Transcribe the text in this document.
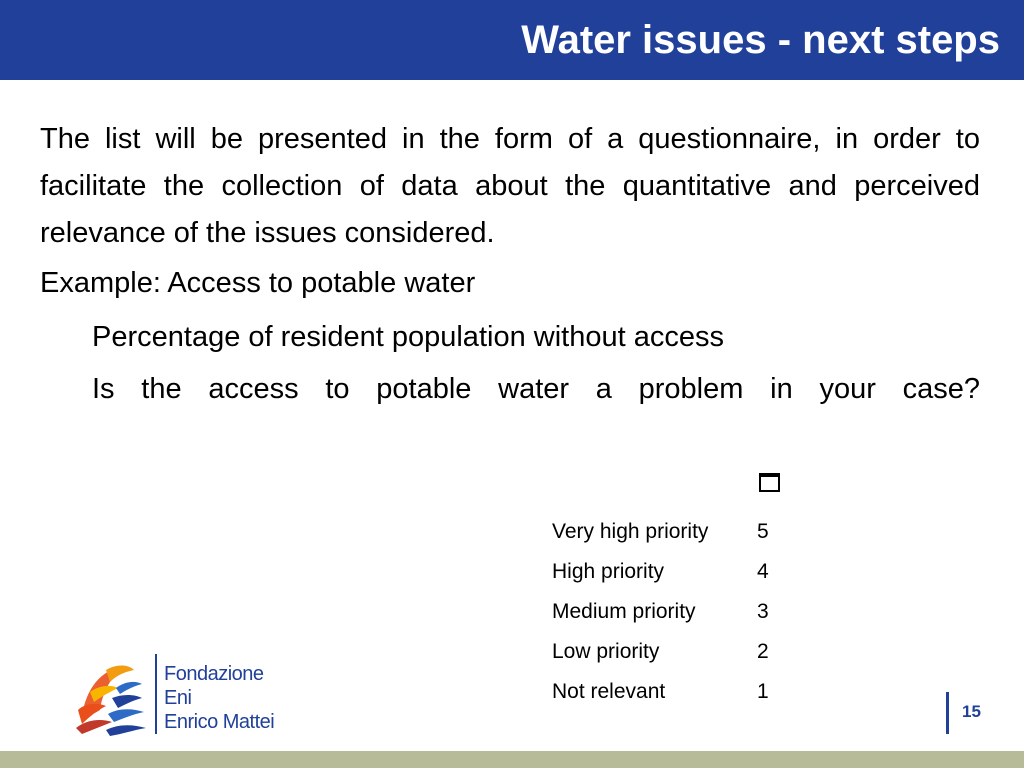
Water issues - next steps

The list will be presented in the form of a questionnaire, in order to facilitate the collection of data about the quantitative and perceived relevance of the issues considered.

Example: Access to potable water

Percentage of resident population without access

Is the access to potable water a problem in your case?

Very high priority 5
High priority	4
Medium priority	3
Low priority	2
Not relevant	1
Fondazione
Eni
Enrico Mattei	15
